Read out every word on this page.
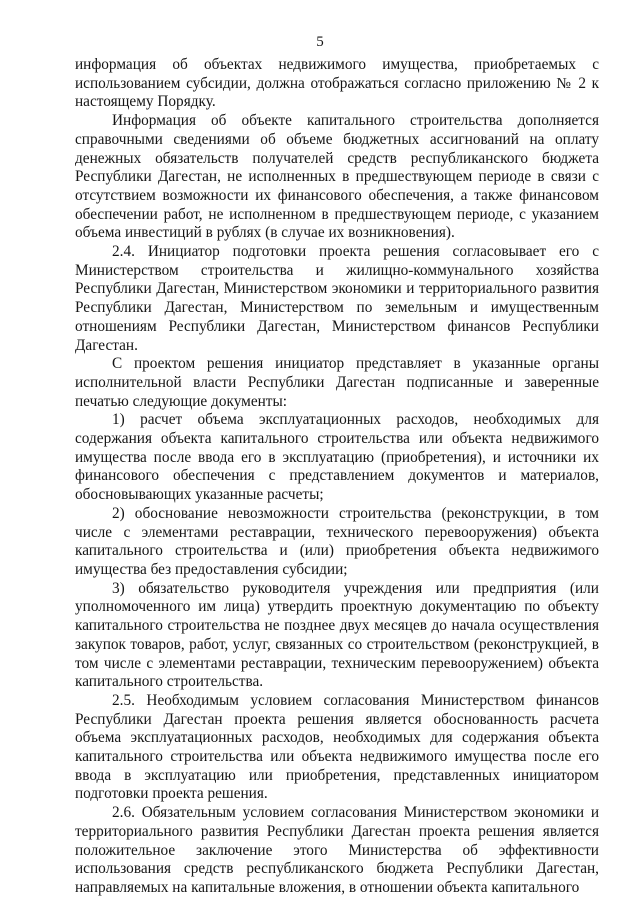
5

информация об объектах недвижимого имущества, приобретаемых с использованием субсидии, должна отображаться согласно приложению № 2 к настоящему Порядку.

Информация об объекте капитального строительства дополняется справочными сведениями об объеме бюджетных ассигнований на оплату денежных обязательств получателей средств республиканского бюджета Республики Дагестан, не исполненных в предшествующем периоде в связи с отсутствием возможности их финансового обеспечения, а также финансовом обеспечении работ, не исполненном в предшествующем периоде, с указанием объема инвестиций в рублях (в случае их возникновения).

2.4. Инициатор подготовки проекта решения согласовывает его с Министерством строительства и жилищно-коммунального хозяйства Республики Дагестан, Министерством экономики и территориального развития Республики Дагестан, Министерством по земельным и имущественным отношениям Республики Дагестан, Министерством финансов Республики Дагестан.

С проектом решения инициатор представляет в указанные органы исполнительной власти Республики Дагестан подписанные и заверенные печатью следующие документы:

1) расчет объема эксплуатационных расходов, необходимых для содержания объекта капитального строительства или объекта недвижимого имущества после ввода его в эксплуатацию (приобретения), и источники их финансового обеспечения с представлением документов и материалов, обосновывающих указанные расчеты;

2) обоснование невозможности строительства (реконструкции, в том числе с элементами реставрации, технического перевооружения) объекта капитального строительства и (или) приобретения объекта недвижимого имущества без предоставления субсидии;

3) обязательство руководителя учреждения или предприятия (или уполномоченного им лица) утвердить проектную документацию по объекту капитального строительства не позднее двух месяцев до начала осуществления закупок товаров, работ, услуг, связанных со строительством (реконструкцией, в том числе с элементами реставрации, техническим перевооружением) объекта капитального строительства.

2.5. Необходимым условием согласования Министерством финансов Республики Дагестан проекта решения является обоснованность расчета объема эксплуатационных расходов, необходимых для содержания объекта капитального строительства или объекта недвижимого имущества после его ввода в эксплуатацию или приобретения, представленных инициатором подготовки проекта решения.

2.6. Обязательным условием согласования Министерством экономики и территориального развития Республики Дагестан проекта решения является положительное заключение этого Министерства об эффективности использования средств республиканского бюджета Республики Дагестан, направляемых на капитальные вложения, в отношении объекта капитального
